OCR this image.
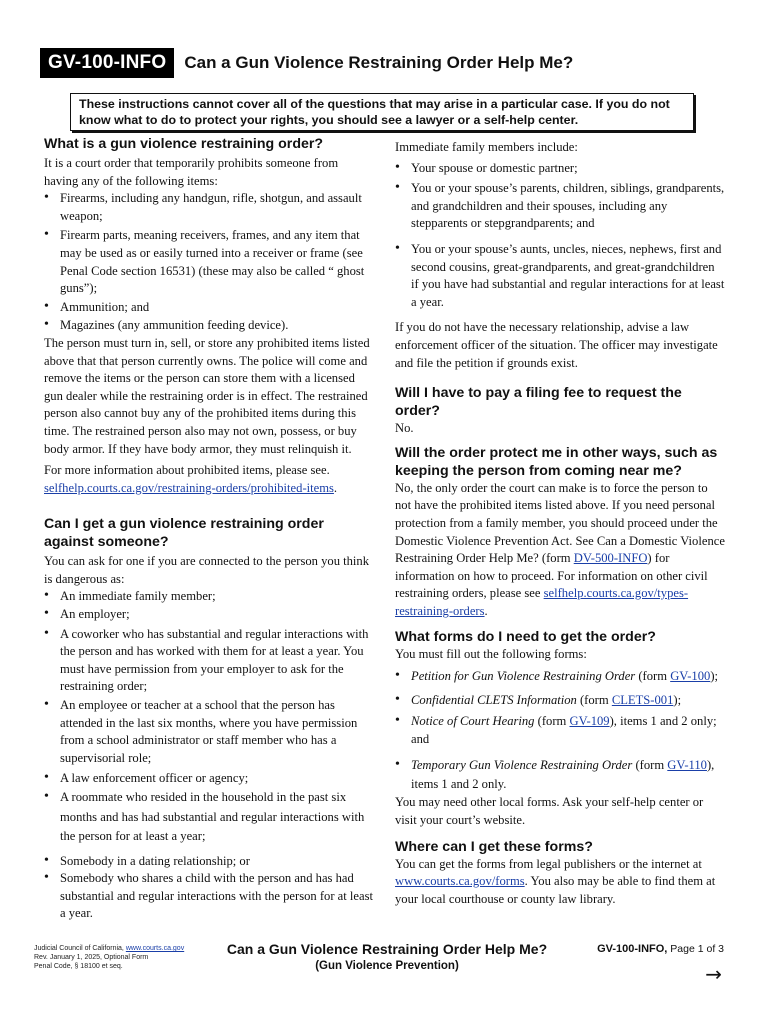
GV-100-INFO	Can a Gun Violence Restraining Order Help Me?
These instructions cannot cover all of the questions that may arise in a particular case. If you do not know what to do to protect your rights, you should see a lawyer or a self-help center.
What is a gun violence restraining order?

It is a court order that temporarily prohibits someone from having any of the following items:

• Firearms, including any handgun, rifle, shotgun, and assault weapon;
• Firearm parts, meaning receivers, frames, and any item that may be used as or easily turned into a receiver or frame (see Penal Code section 16531) (these may also be called “ ghost guns”);
• Ammunition; and
• Magazines (any ammunition feeding device).

The person must turn in, sell, or store any prohibited items listed above that that person currently owns. The police will come and remove the items or the person can store them with a licensed gun dealer while the restraining order is in effect. The restrained person also cannot buy any of the prohibited items during this time. The restrained person also may not own, possess, or buy body armor. If they have body armor, they must relinquish it.

For more information about prohibited items, please see.
selfhelp.courts.ca.gov/restraining-orders/prohibited-items.

Can I get a gun violence restraining order against someone?

You can ask for one if you are connected to the person you think is dangerous as:

• An immediate family member;
• An employer;
• A coworker who has substantial and regular interactions with the person and has worked with them for at least a year. You must have permission from your employer to ask for the restraining order;
• An employee or teacher at a school that the person has attended in the last six months, where you have permission from a school administrator or staff member who has a supervisorial role;
• A law enforcement officer or agency;
• A roommate who resided in the household in the past six months and has had substantial and regular interactions with the person for at least a year;
• Somebody in a dating relationship; or
• Somebody who shares a child with the person and has had substantial and regular interactions with the person for at least a year.

Immediate family members include:

• Your spouse or domestic partner;
• You or your spouse’s parents, children, siblings, grandparents, and grandchildren and their spouses, including any stepparents or stepgrandparents; and
• You or your spouse’s aunts, uncles, nieces, nephews, first and second cousins, great-grandparents, and great-grandchildren if you have had substantial and regular interactions for at least a year.

If you do not have the necessary relationship, advise a law enforcement officer of the situation. The officer may investigate and file the petition if grounds exist.

Will I have to pay a filing fee to request the order?

No.

Will the order protect me in other ways, such as keeping the person from coming near me?

No, the only order the court can make is to force the person to not have the prohibited items listed above. If you need personal protection from a family member, you should proceed under the Domestic Violence Prevention Act. See Can a Domestic Violence Restraining Order Help Me? (form DV-500-INFO) for information on how to proceed. For information on other civil restraining orders, please see selfhelp.courts.ca.gov/types-restraining-orders.

What forms do I need to get the order?

You must fill out the following forms:

• Petition for Gun Violence Restraining Order (form GV-100);
• Confidential CLETS Information (form CLETS-001);
• Notice of Court Hearing (form GV-109), items 1 and 2 only; and
• Temporary Gun Violence Restraining Order (form GV-110), items 1 and 2 only.

You may need other local forms. Ask your self-help center or visit your court’s website.

Where can I get these forms?

You can get the forms from legal publishers or the internet at www.courts.ca.gov/forms. You also may be able to find them at your local courthouse or county law library.

Judicial Council of California, www.courts.ca.gov
Rev. January 1, 2025, Optional Form
Penal Code, § 18100 et seq.
Can a Gun Violence Restraining Order Help Me?
(Gun Violence Prevention)
GV-100-INFO, Page 1 of 3
→
